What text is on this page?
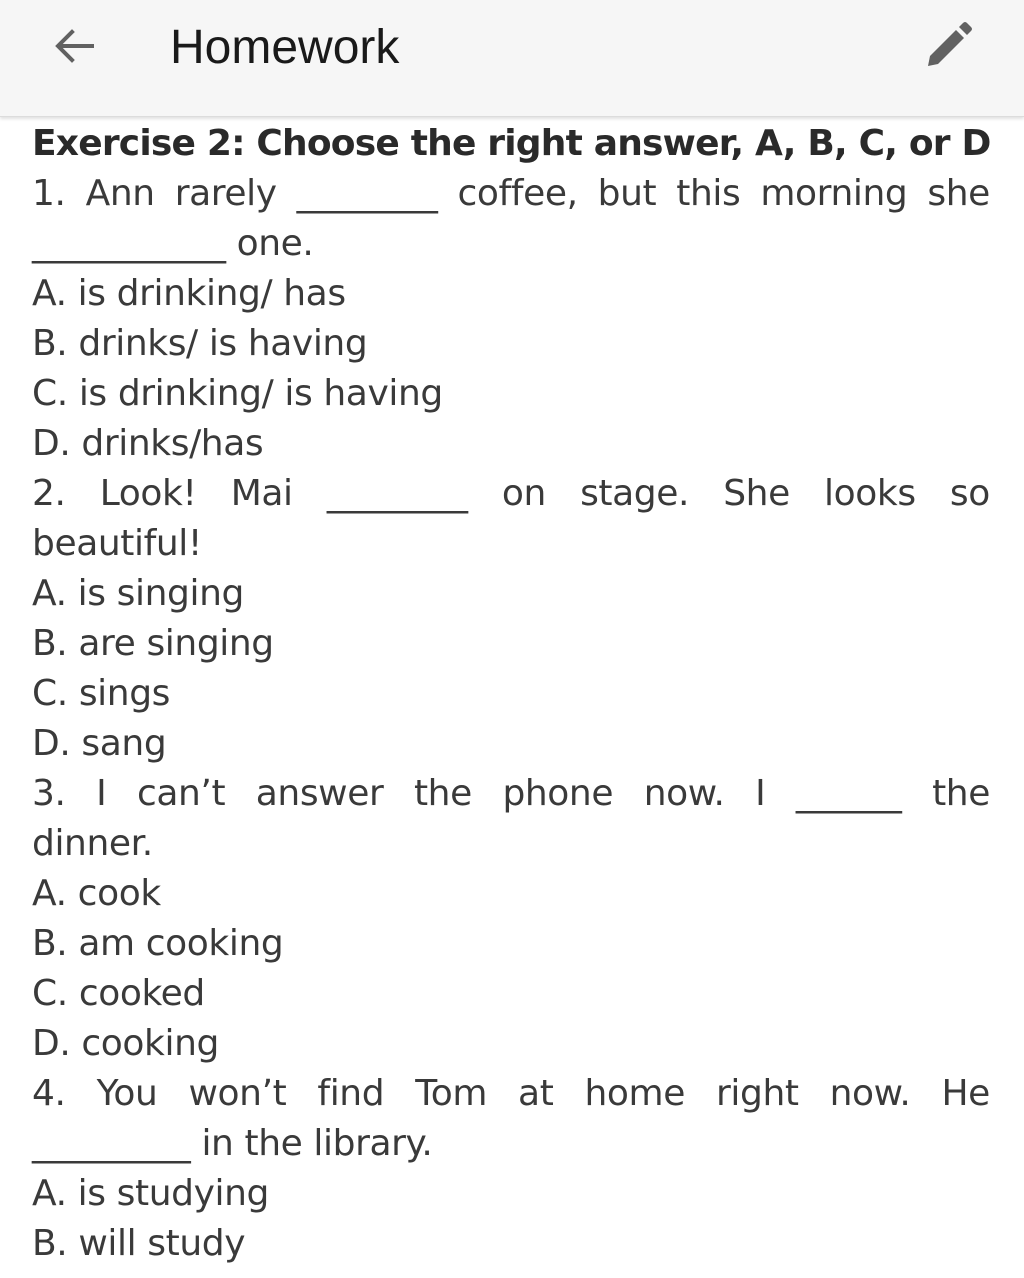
Homework
Exercise 2: Choose the right answer, A, B, C, or D
1. Ann rarely ________ coffee, but this morning she
___________ one.
A. is drinking/ has
B. drinks/ is having
C. is drinking/ is having
D. drinks/has
2. Look! Mai ________ on stage. She looks so
beautiful!
A. is singing
B. are singing
C. sings
D. sang
3. I can’t answer the phone now. I ______ the
dinner.
A. cook
B. am cooking
C. cooked
D. cooking
4. You won’t find Tom at home right now. He
_________ in the library.
A. is studying
B. will study
